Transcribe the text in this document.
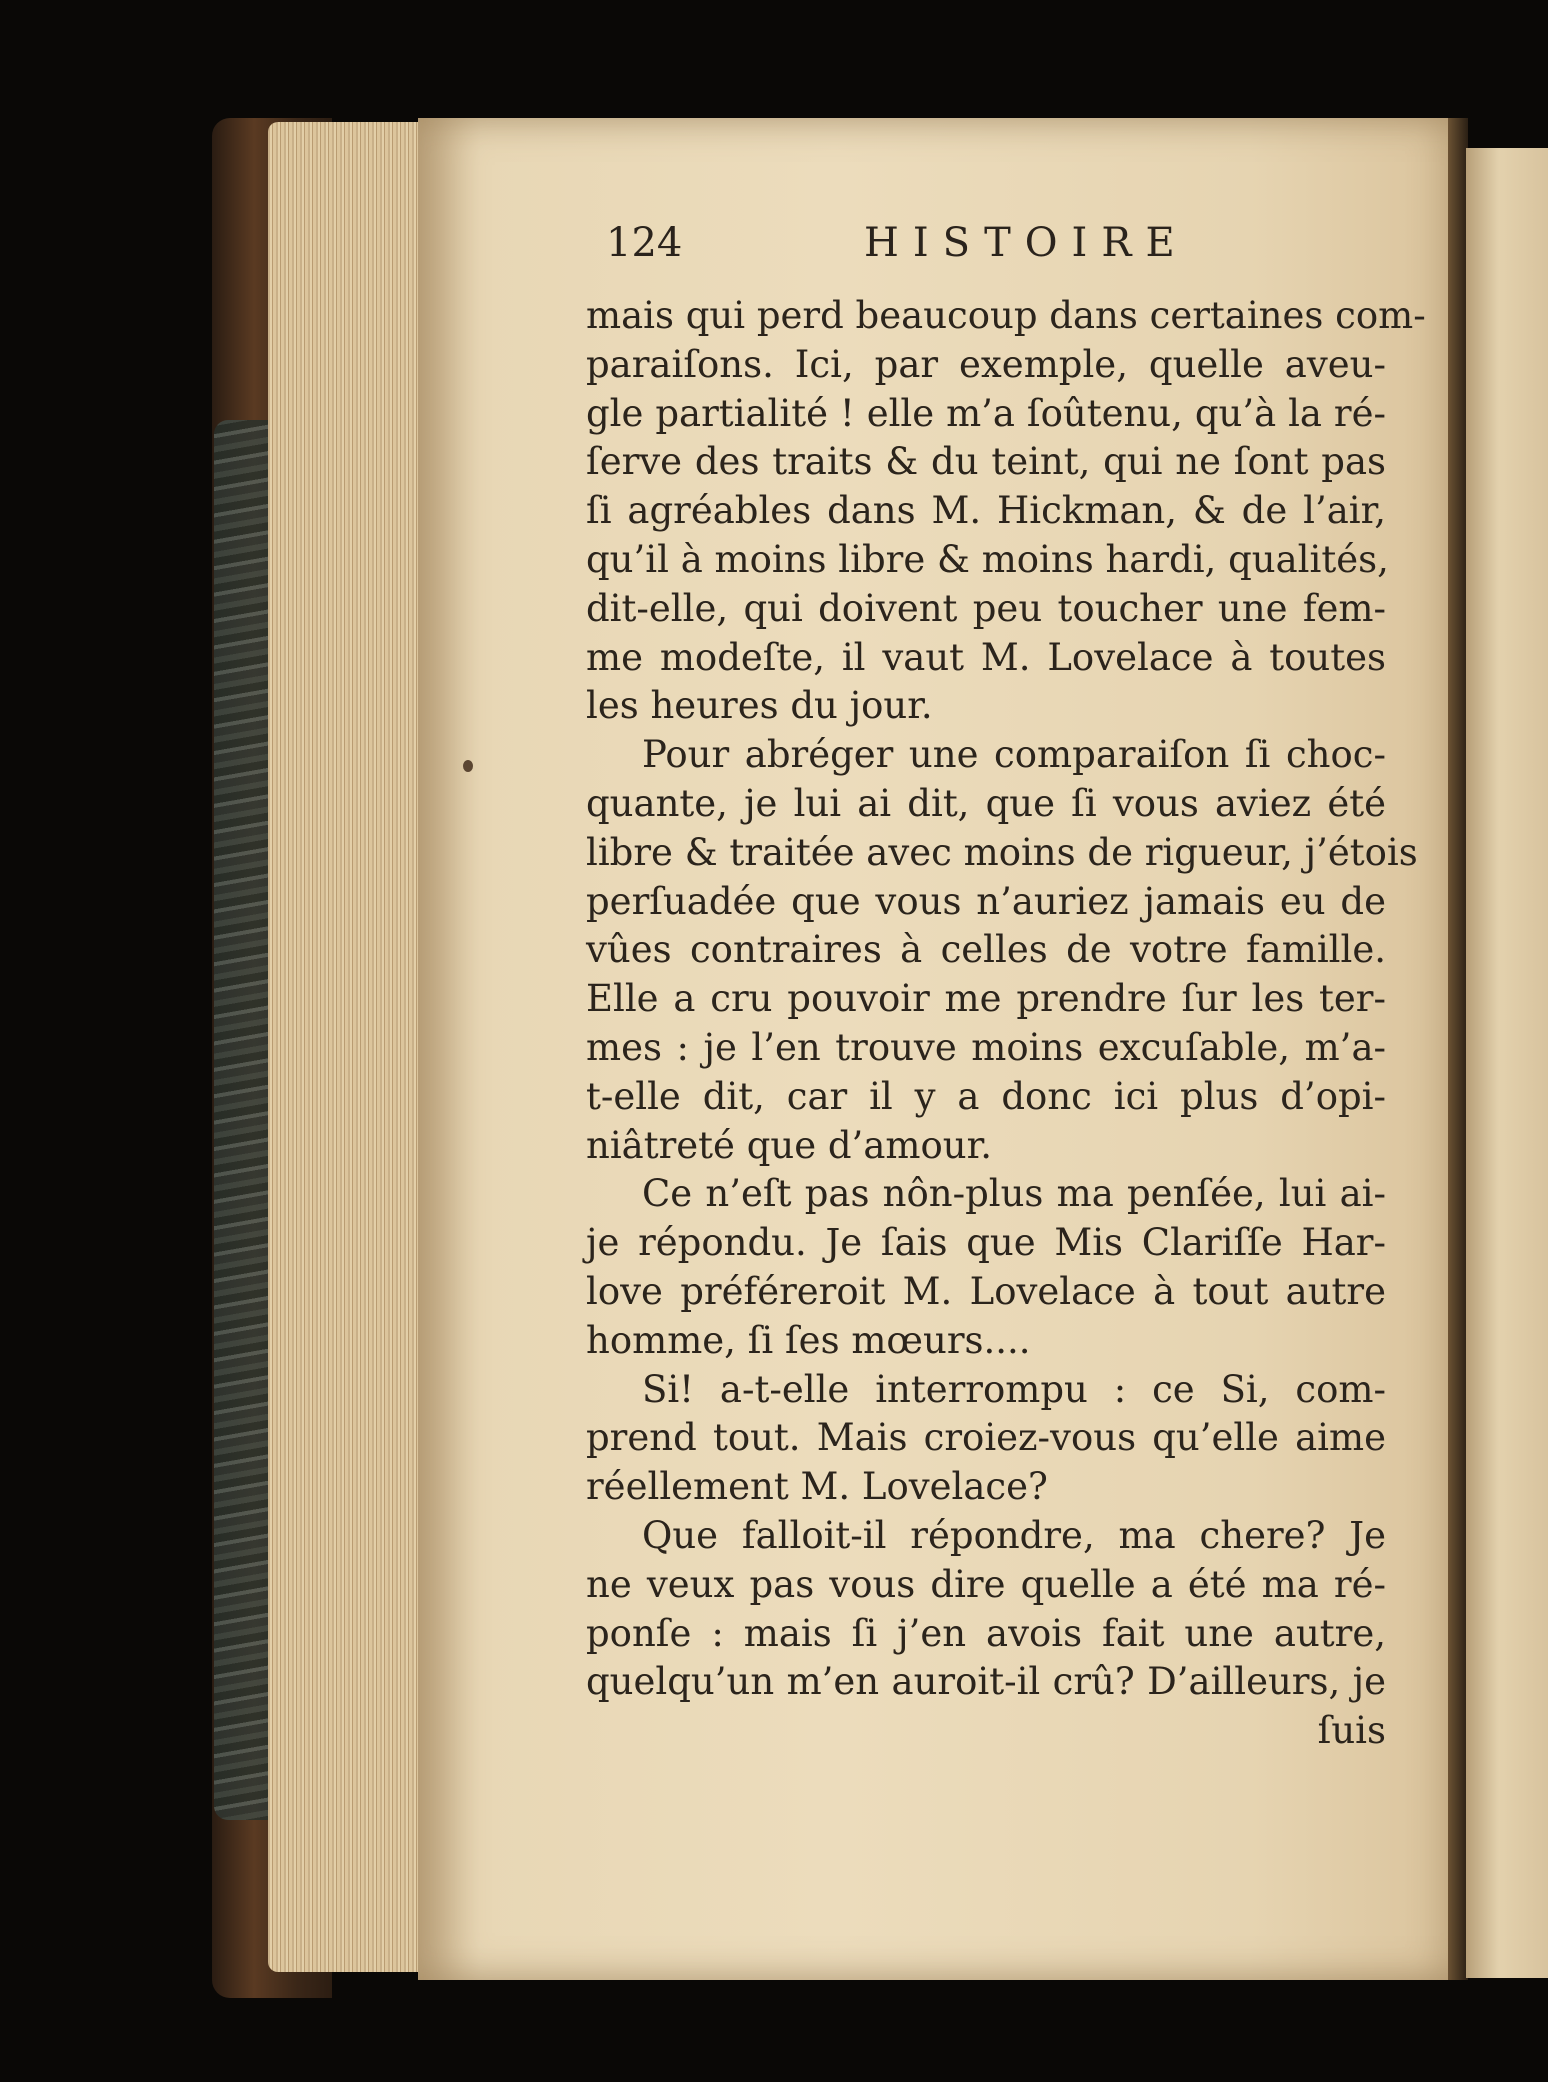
124	HISTOIRE
mais qui perd beaucoup dans certaines com-
paraiſons. Ici, par exemple, quelle aveu-
gle partialité ! elle m’a ſoûtenu, qu’à la ré-
ſerve des traits & du teint, qui ne ſont pas
ſi agréables dans M. Hickman, & de l’air,
qu’il à moins libre & moins hardi, qualités,
dit-elle, qui doivent peu toucher une fem-
me modeſte, il vaut M. Lovelace à toutes
les heures du jour.
Pour abréger une comparaiſon ſi choc-
quante, je lui ai dit, que ſi vous aviez été
libre & traitée avec moins de rigueur, j’étois
perſuadée que vous n’auriez jamais eu de
vûes contraires à celles de votre famille.
Elle a cru pouvoir me prendre ſur les ter-
mes : je l’en trouve moins excuſable, m’a-
t-elle dit, car il y a donc ici plus d’opi-
niâtreté que d’amour.
Ce n’eſt pas nôn-plus ma penſée, lui ai-
je répondu. Je ſais que Mis Clariſſe Har-
love préféreroit M. Lovelace à tout autre
homme, ſi ſes mœurs....
Si! a-t-elle interrompu : ce Si, com-
prend tout. Mais croiez-vous qu’elle aime
réellement M. Lovelace?
Que falloit-il répondre, ma chere? Je
ne veux pas vous dire quelle a été ma ré-
ponſe : mais ſi j’en avois fait une autre,
quelqu’un m’en auroit-il crû? D’ailleurs, je
ſuis
